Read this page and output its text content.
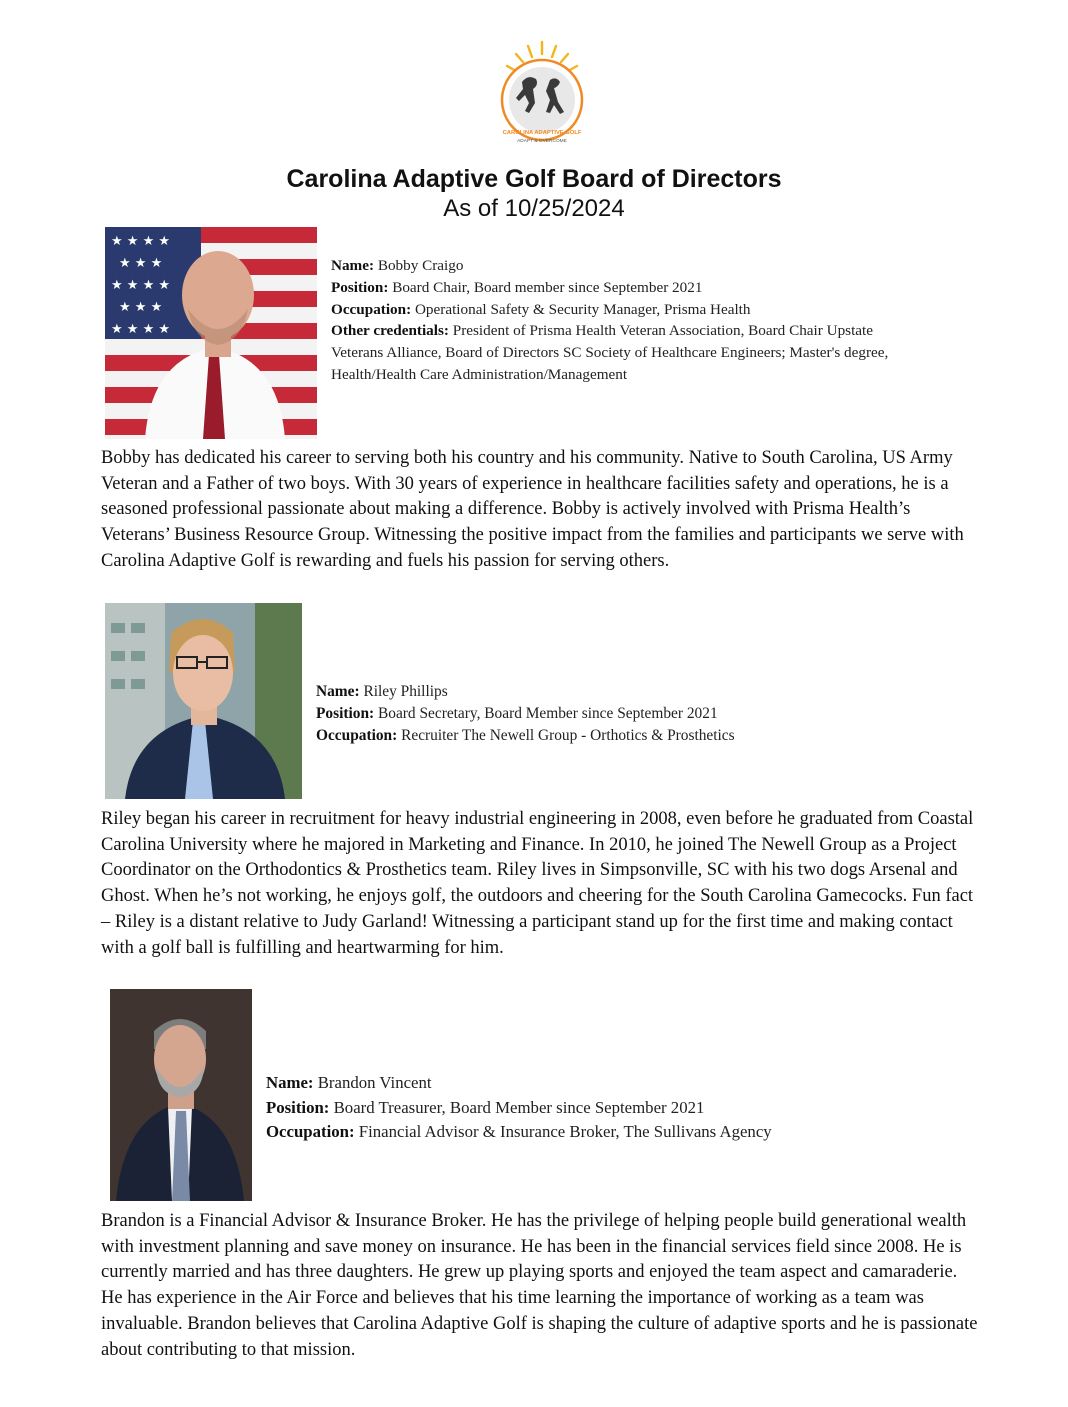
CAROLINA ADAPTIVE GOLF
ADAPT & OVERCOME
Carolina Adaptive Golf Board of Directors
As of 10/25/2024
★ ★ ★ ★
★ ★ ★
★ ★ ★ ★
★ ★ ★
★ ★ ★ ★

Name: Bobby Craigo

Position: Board Chair, Board member since September 2021

Occupation: Operational Safety & Security Manager, Prisma Health

Other credentials: President of Prisma Health Veteran Association, Board Chair Upstate Veterans Alliance, Board of Directors SC Society of Healthcare Engineers; Master's degree, Health/Health Care Administration/Management

Bobby has dedicated his career to serving both his country and his community. Native to South Carolina, US Army Veteran and a Father of two boys. With 30 years of experience in healthcare facilities safety and operations, he is a seasoned professional passionate about making a difference. Bobby is actively involved with Prisma Health’s Veterans’ Business Resource Group. Witnessing the positive impact from the families and participants we serve with Carolina Adaptive Golf is rewarding and fuels his passion for serving others.

Name: Riley Phillips

Position: Board Secretary, Board Member since September 2021

Occupation: Recruiter The Newell Group - Orthotics & Prosthetics

Riley began his career in recruitment for heavy industrial engineering in 2008, even before he graduated from Coastal Carolina University where he majored in Marketing and Finance. In 2010, he joined The Newell Group as a Project Coordinator on the Orthodontics & Prosthetics team. Riley lives in Simpsonville, SC with his two dogs Arsenal and Ghost. When he’s not working, he enjoys golf, the outdoors and cheering for the South Carolina Gamecocks. Fun fact – Riley is a distant relative to Judy Garland! Witnessing a participant stand up for the first time and making contact with a golf ball is fulfilling and heartwarming for him.

Name: Brandon Vincent

Position: Board Treasurer, Board Member since September 2021

Occupation: Financial Advisor & Insurance Broker, The Sullivans Agency

Brandon is a Financial Advisor & Insurance Broker. He has the privilege of helping people build generational wealth with investment planning and save money on insurance. He has been in the financial services field since 2008. He is currently married and has three daughters. He grew up playing sports and enjoyed the team aspect and camaraderie. He has experience in the Air Force and believes that his time learning the importance of working as a team was invaluable. Brandon believes that Carolina Adaptive Golf is shaping the culture of adaptive sports and he is passionate about contributing to that mission.
